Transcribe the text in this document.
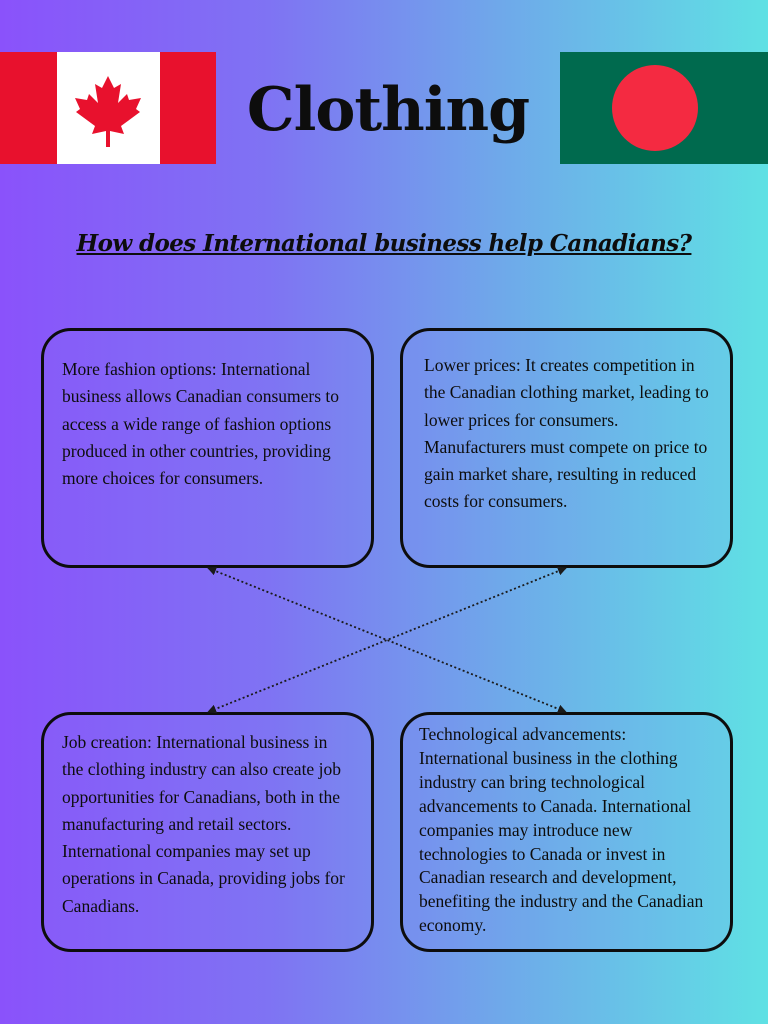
Clothing
How does International business help Canadians?
More fashion options: International business allows Canadian consumers to access a wide range of fashion options produced in other countries, providing more choices for consumers.
Lower prices: It creates competition in the Canadian clothing market, leading to lower prices for consumers. Manufacturers must compete on price to gain market share, resulting in reduced costs for consumers.
Job creation: International business in the clothing industry can also create job opportunities for Canadians, both in the manufacturing and retail sectors. International companies may set up operations in Canada, providing jobs for Canadians.
Technological advancements: International business in the clothing industry can bring technological advancements to Canada. International companies may introduce new technologies to Canada or invest in Canadian research and development, benefiting the industry and the Canadian economy.
